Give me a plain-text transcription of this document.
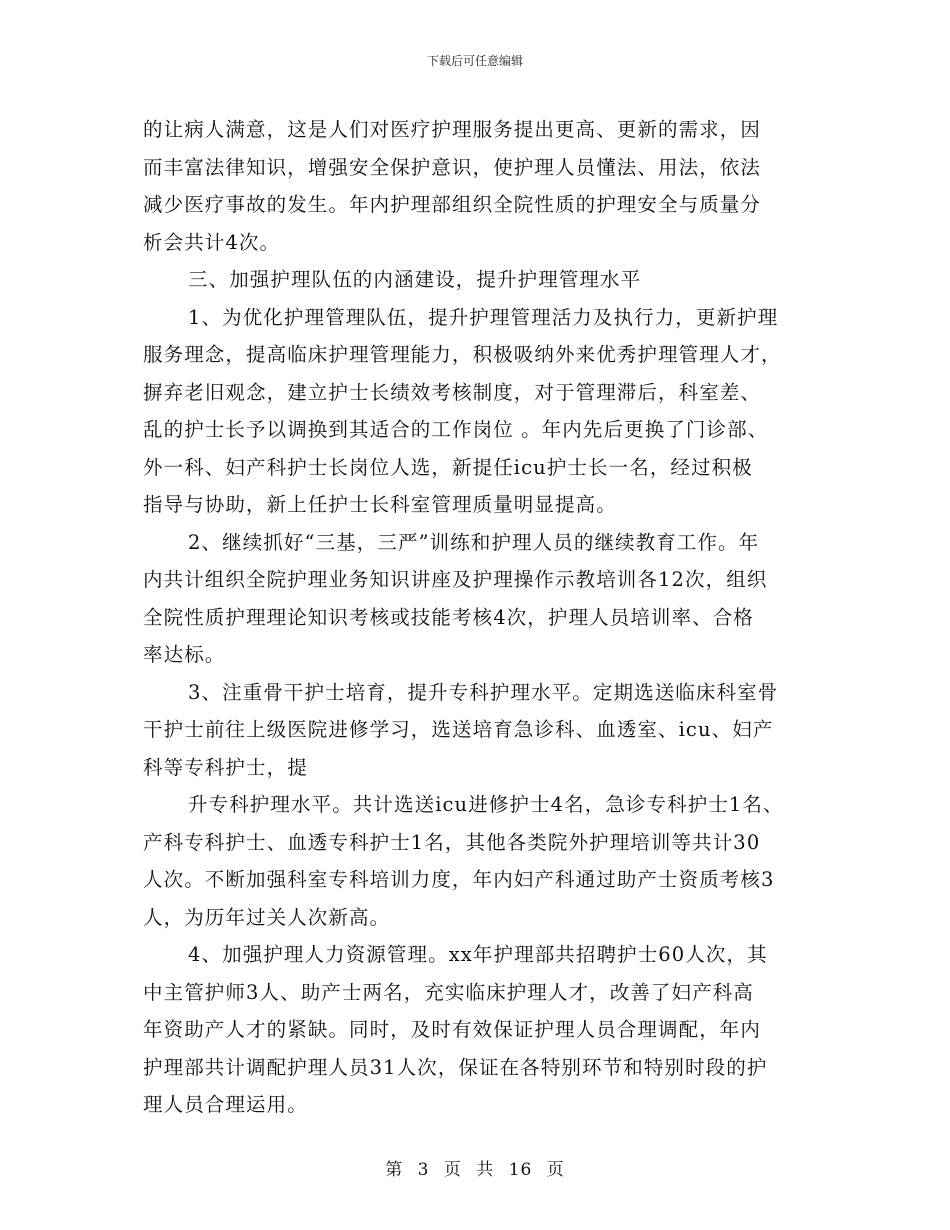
下载后可任意编辑
的让病人满意，这是人们对医疗护理服务提出更高、更新的需求，因
而丰富法律知识，增强安全保护意识，使护理人员懂法、用法，依法
减少医疗事故的发生。年内护理部组织全院性质的护理安全与质量分
析会共计4次。
三、加强护理队伍的内涵建设，提升护理管理水平
1、为优化护理管理队伍，提升护理管理活力及执行力，更新护理
服务理念，提高临床护理管理能力，积极吸纳外来优秀护理管理人才，
摒弃老旧观念，建立护士长绩效考核制度，对于管理滞后，科室差、
乱的护士长予以调换到其适合的工作岗位 。年内先后更换了门诊部、
外一科、妇产科护士长岗位人选，新提任icu护士长一名，经过积极
指导与协助，新上任护士长科室管理质量明显提高。
2、继续抓好“三基，三严”训练和护理人员的继续教育工作。年
内共计组织全院护理业务知识讲座及护理操作示教培训各12次，组织
全院性质护理理论知识考核或技能考核4次，护理人员培训率、合格
率达标。
3、注重骨干护士培育，提升专科护理水平。定期选送临床科室骨
干护士前往上级医院进修学习，选送培育急诊科、血透室、icu、妇产
科等专科护士，提
升专科护理水平。共计选送icu进修护士4名，急诊专科护士1名、
产科专科护士、血透专科护士1名，其他各类院外护理培训等共计30
人次。不断加强科室专科培训力度，年内妇产科通过助产士资质考核3
人，为历年过关人次新高。
4、加强护理人力资源管理。xx年护理部共招聘护士60人次，其
中主管护师3人、助产士两名，充实临床护理人才，改善了妇产科高
年资助产人才的紧缺。同时，及时有效保证护理人员合理调配，年内
护理部共计调配护理人员31人次，保证在各特别环节和特别时段的护
理人员合理运用。
第 3 页 共 16 页
